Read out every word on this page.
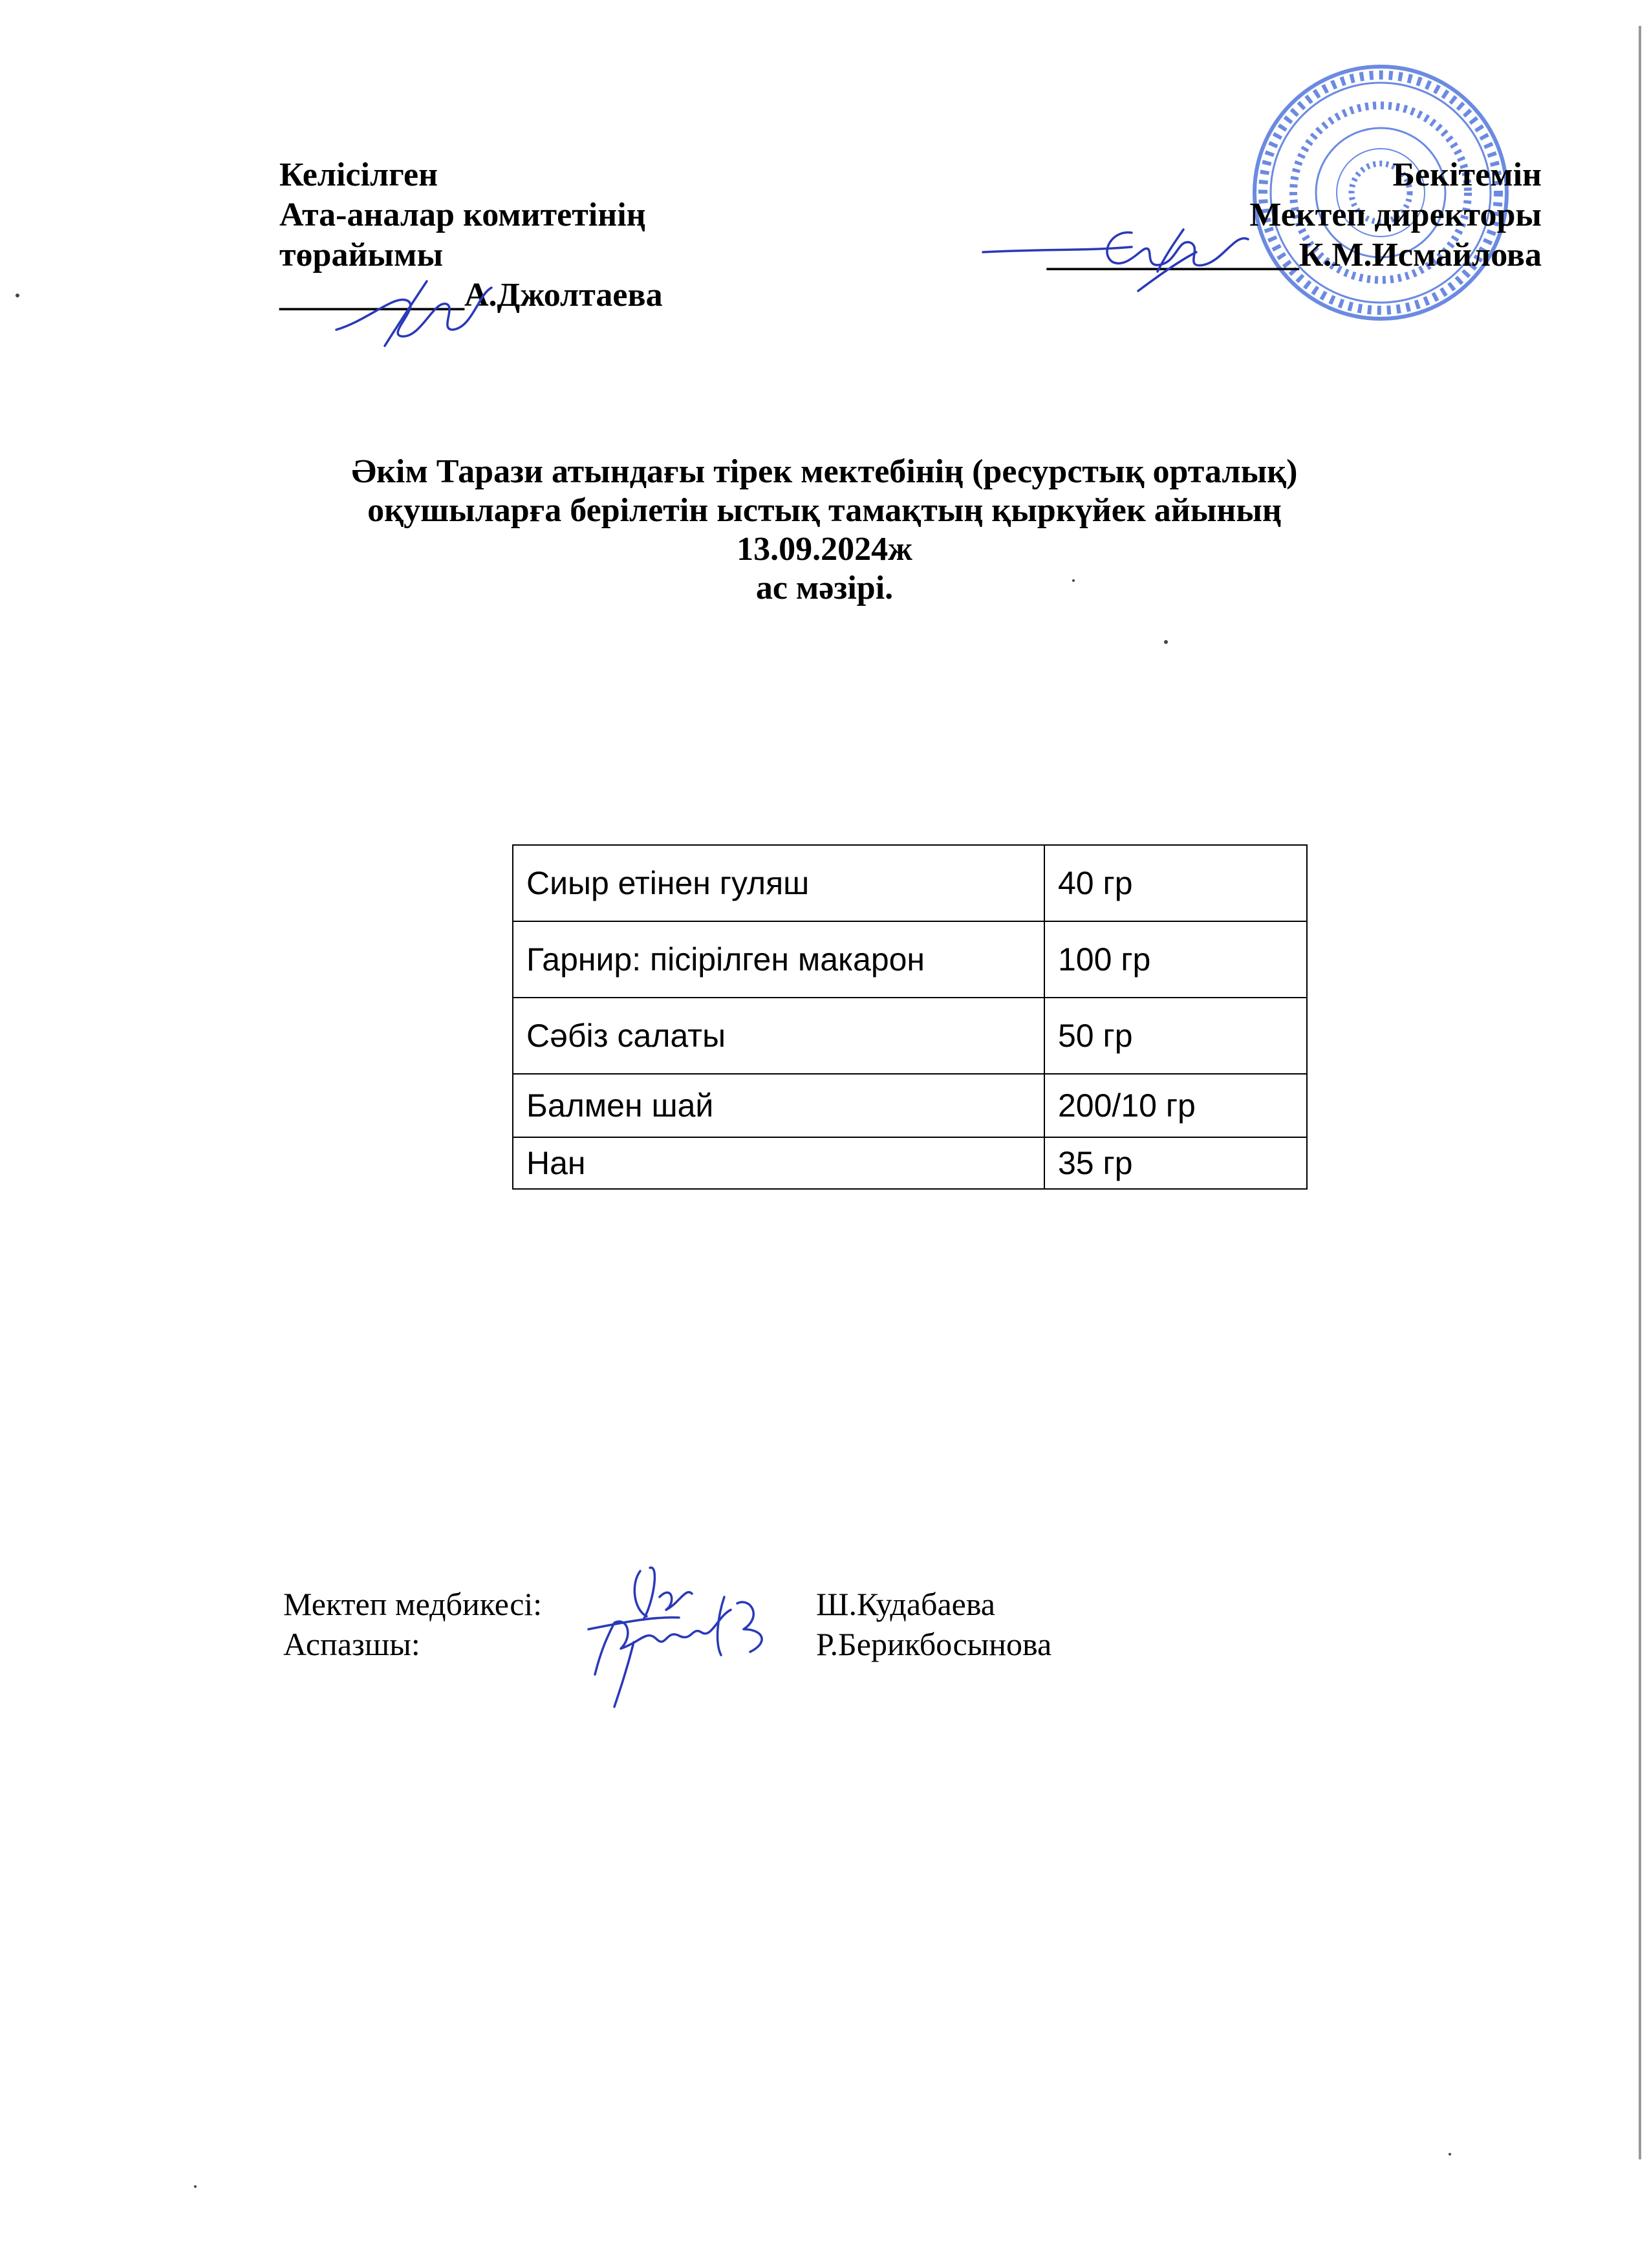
Келісілген
Ата-аналар комитетінің
төрайымы
___________А.Джолтаева
Бекітемін
Мектеп директоры
_______________К.М.Исмайлова
Әкім Тарази атындағы тірек мектебінің (ресурстық орталық)
оқушыларға берілетін ыстық тамақтың қыркүйек айының
13.09.2024ж
ас мәзірі.
Сиыр етінен гуляш	40 гр
Гарнир: пісірілген макарон	100 гр
Сәбіз салаты	50 гр
Балмен шай	200/10 гр
Нан	35 гр
Мектеп медбикесі:	Ш.Кудабаева
Аспазшы:	Р.Берикбосынова
